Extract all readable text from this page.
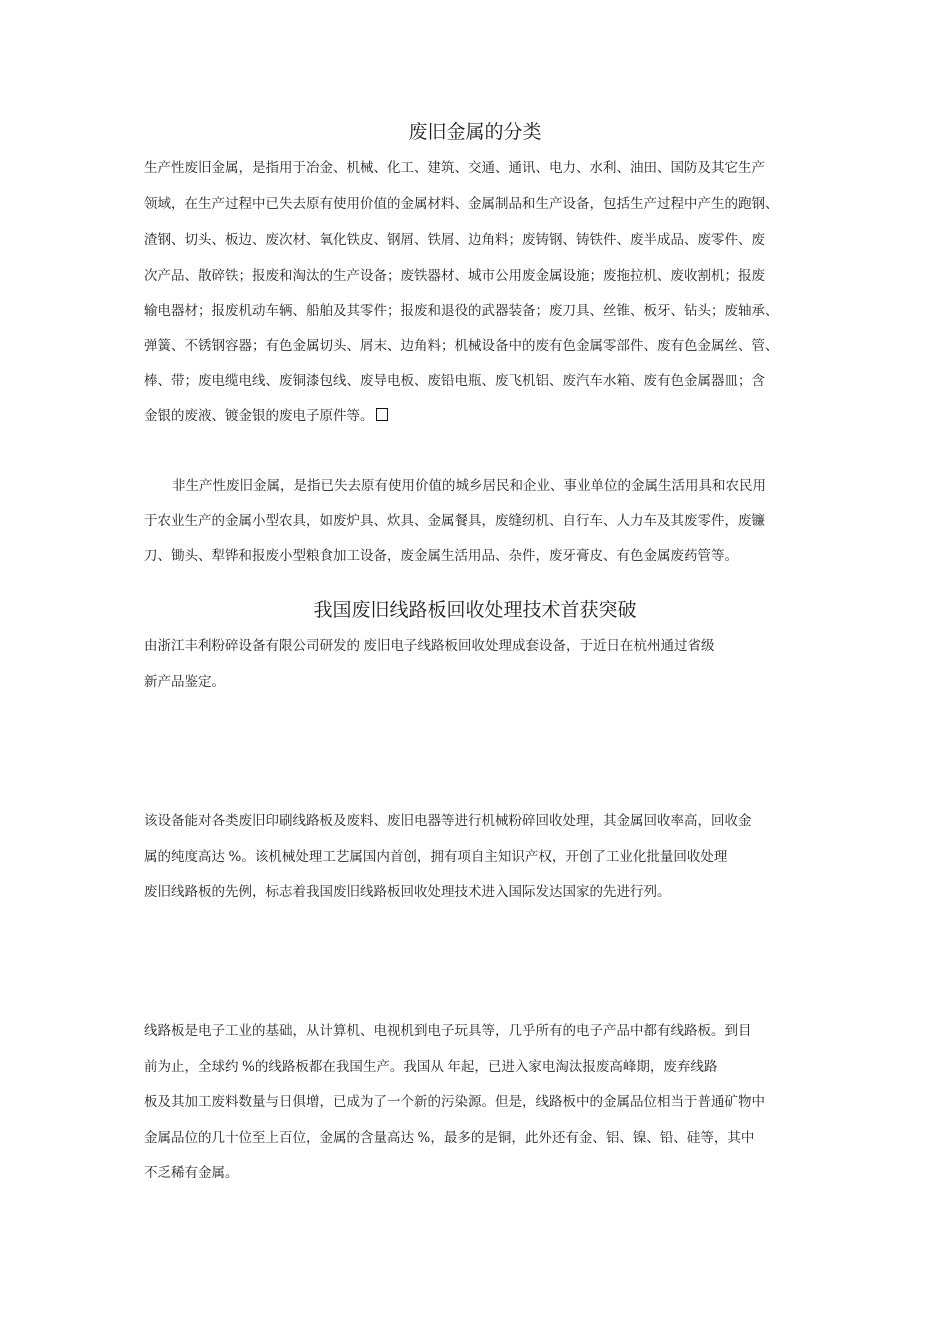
废旧金属的分类
生产性废旧金属，是指用于冶金、机械、化工、建筑、交通、通讯、电力、水利、油田、国防及其它生产
领域，在生产过程中已失去原有使用价值的金属材料、金属制品和生产设备，包括生产过程中产生的跑钢、
渣钢、切头、板边、废次材、氧化铁皮、钢屑、铁屑、边角料；废铸钢、铸铁件、废半成品、废零件、废
次产品、散碎铁；报废和淘汰的生产设备；废铁器材、城市公用废金属设施；废拖拉机、废收割机；报废
输电器材；报废机动车辆、船舶及其零件；报废和退役的武器装备；废刀具、丝锥、板牙、钻头；废轴承、
弹簧、不锈钢容器；有色金属切头、屑末、边角料；机械设备中的废有色金属零部件、废有色金属丝、管、
棒、带；废电缆电线、废铜漆包线、废导电板、废铅电瓶、废飞机铝、废汽车水箱、废有色金属器皿；含
金银的废液、镀金银的废电子原件等。
非生产性废旧金属，是指已失去原有使用价值的城乡居民和企业、事业单位的金属生活用具和农民用
于农业生产的金属小型农具，如废炉具、炊具、金属餐具，废缝纫机、自行车、人力车及其废零件，废镰
刀、锄头、犁铧和报废小型粮食加工设备，废金属生活用品、杂件，废牙膏皮、有色金属废药管等。
我国废旧线路板回收处理技术首获突破
由浙江丰利粉碎设备有限公司研发的 废旧电子线路板回收处理成套设备，于近日在杭州通过省级
新产品鉴定。
该设备能对各类废旧印刷线路板及废料、废旧电器等进行机械粉碎回收处理，其金属回收率高，回收金
属的纯度高达 %。该机械处理工艺属国内首创，拥有项自主知识产权，开创了工业化批量回收处理
废旧线路板的先例，标志着我国废旧线路板回收处理技术进入国际发达国家的先进行列。
线路板是电子工业的基础，从计算机、电视机到电子玩具等，几乎所有的电子产品中都有线路板。到目
前为止，全球约 %的线路板都在我国生产。我国从 年起，已进入家电淘汰报废高峰期，废弃线路
板及其加工废料数量与日俱增，已成为了一个新的污染源。但是，线路板中的金属品位相当于普通矿物中
金属品位的几十位至上百位，金属的含量高达 %，最多的是铜，此外还有金、铝、镍、铅、硅等，其中
不乏稀有金属。
